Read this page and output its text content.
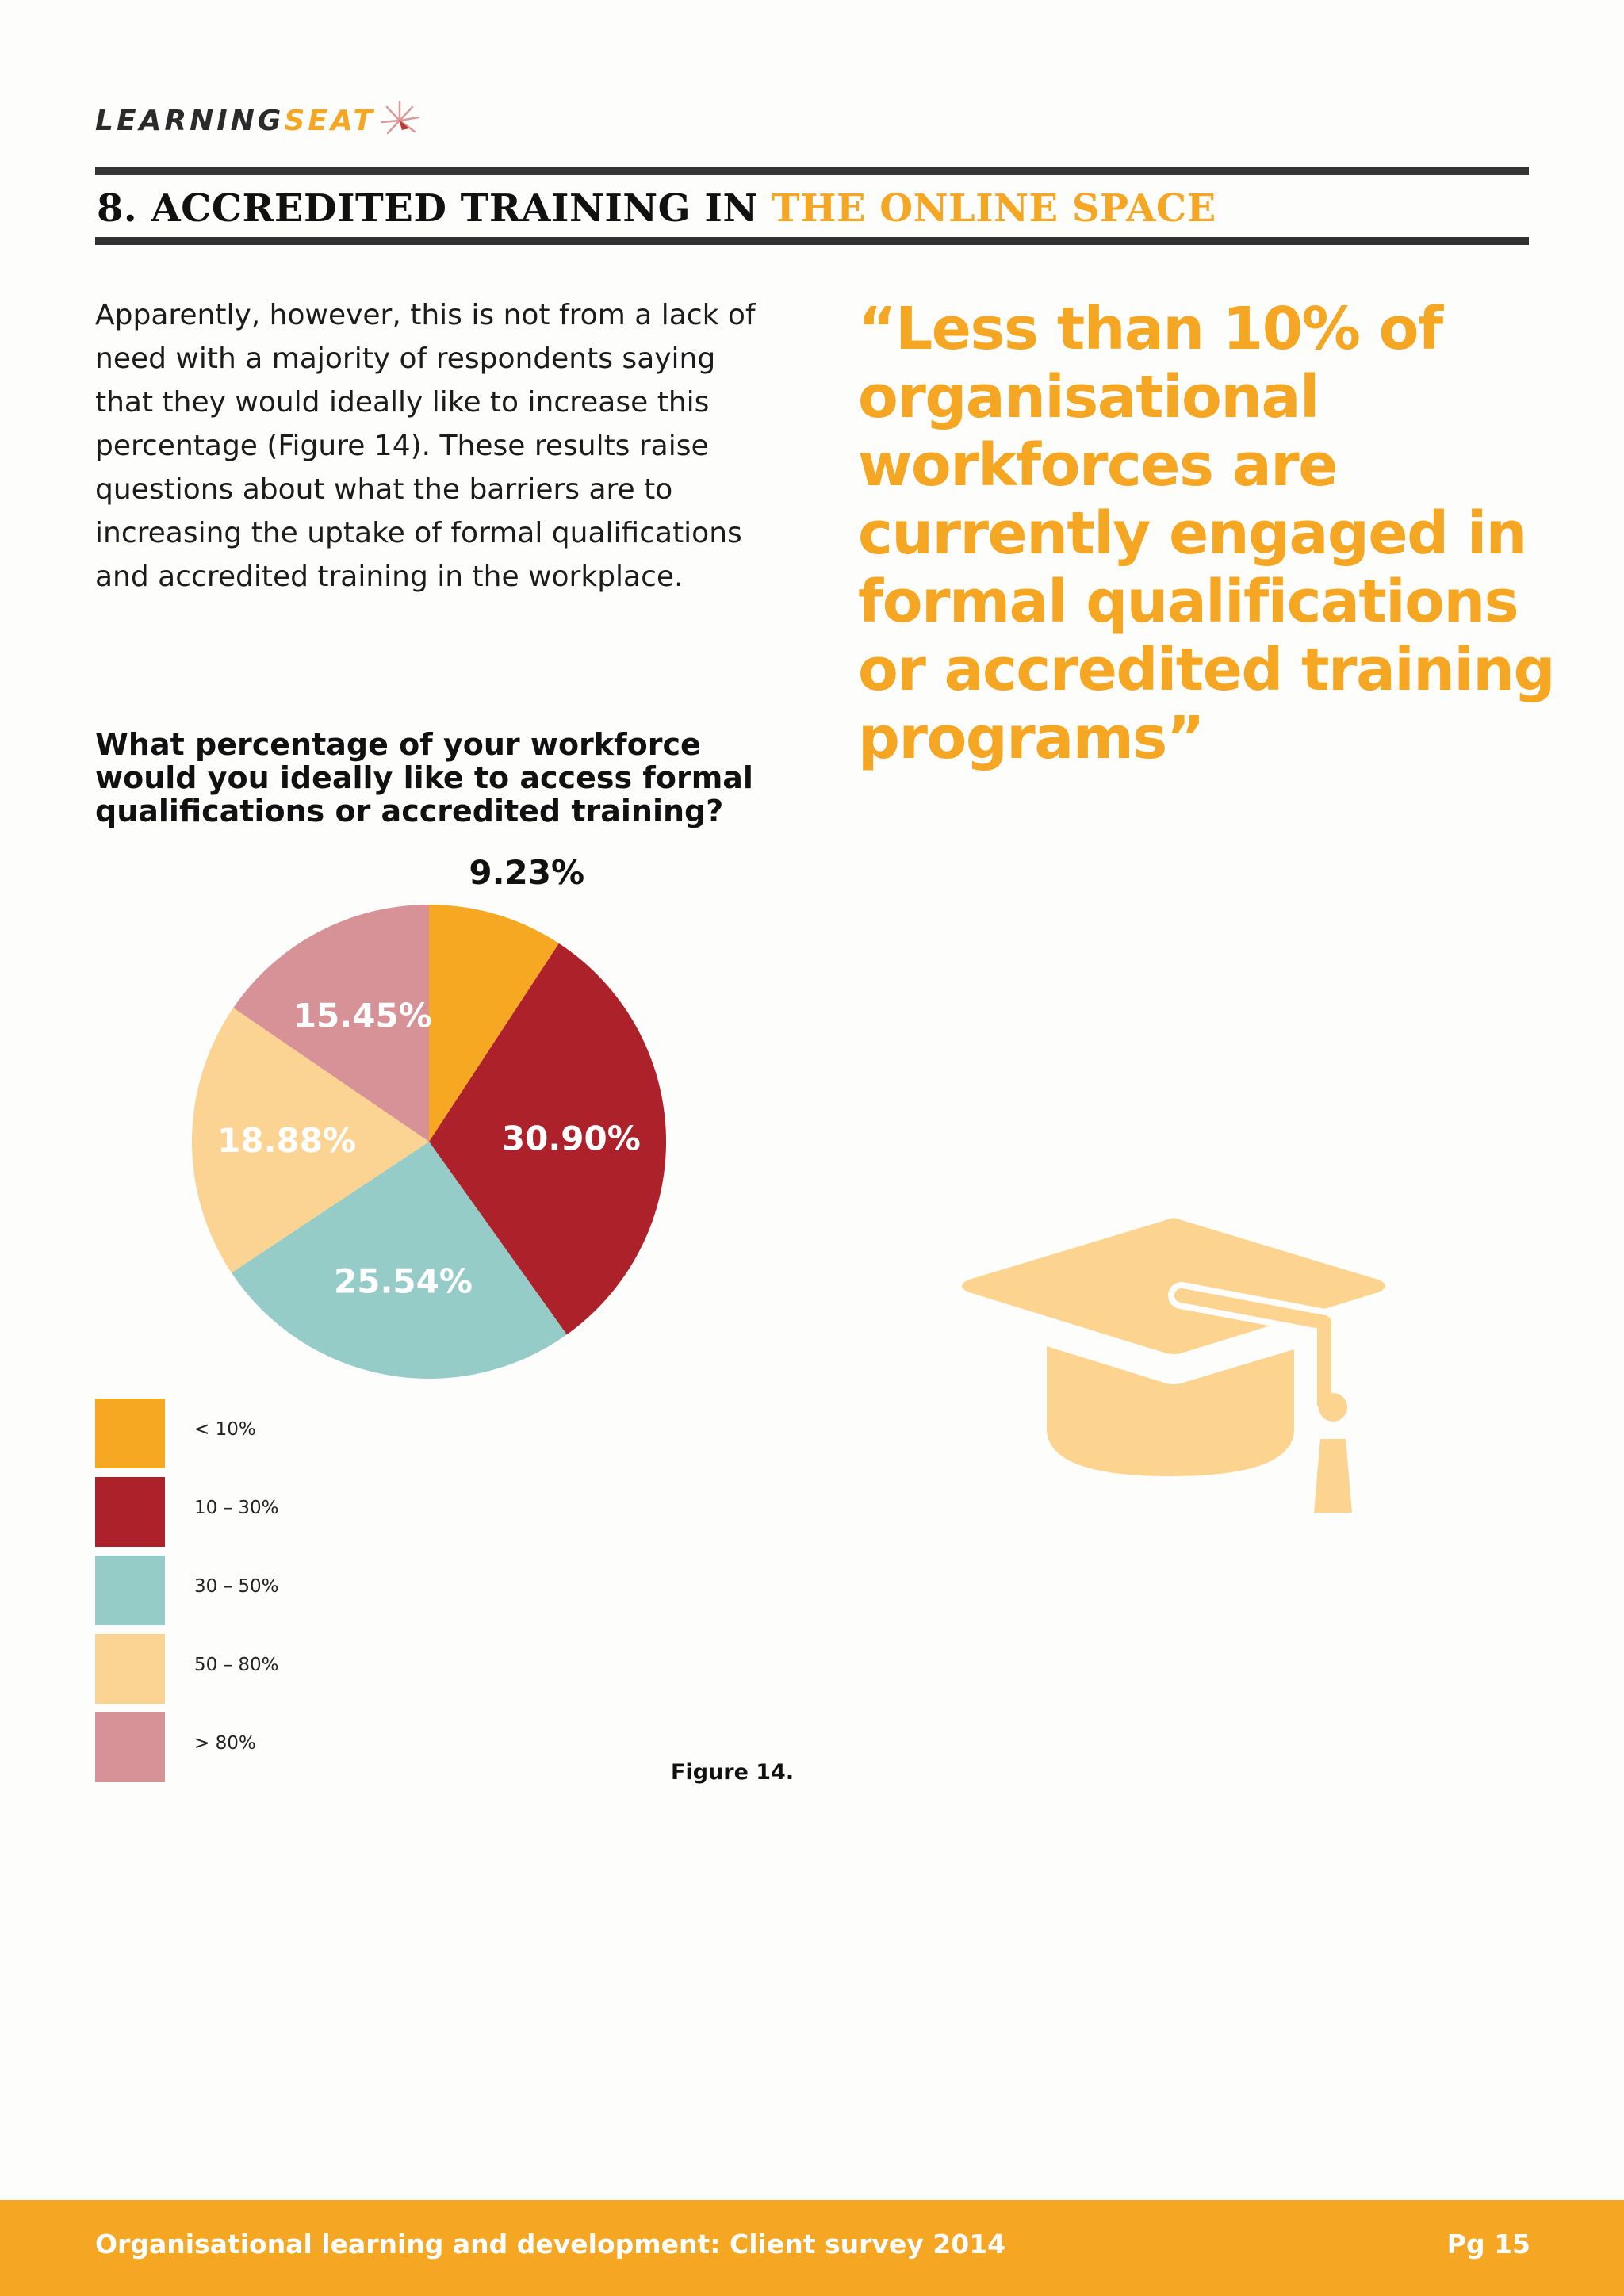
LEARNINGSEAT
8. ACCREDITED TRAINING IN THE ONLINE SPACE

Apparently, however, this is not from a lack of need with a majority of respondents saying that they would ideally like to increase this percentage (Figure 14). These results raise questions about what the barriers are to increasing the uptake of formal qualifications and accredited training in the workplace.

“Less than 10% of organisational workforces are currently engaged in formal qualifications or accredited training programs”

What percentage of your workforce would you ideally like to access formal qualifications or accredited training?
9.23%
30.90%
25.54%
18.88%
15.45%
< 10%
10 – 30%
30 – 50%
50 – 80%
> 80%

Figure 14.

Organisational learning and development: Client survey 2014	Pg 15
